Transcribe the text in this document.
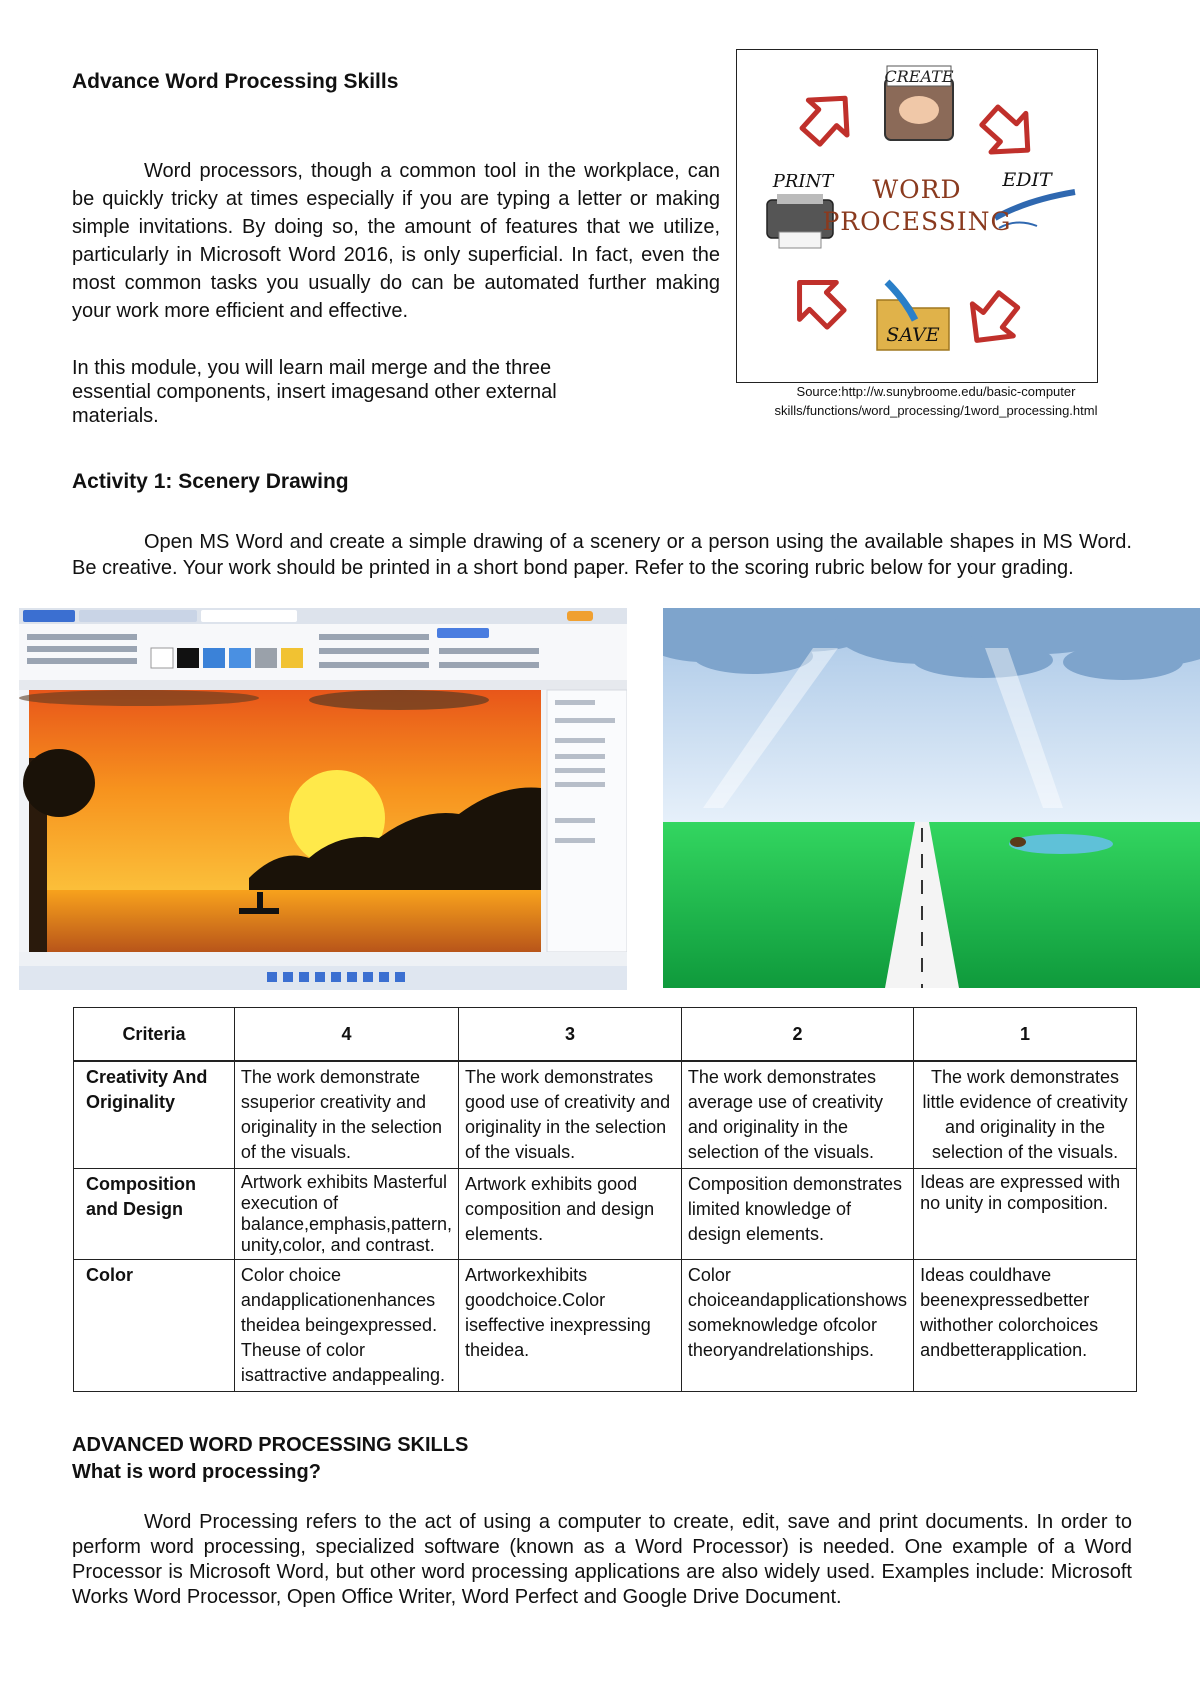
Advance Word Processing Skills
Word processors, though a common tool in the workplace, can be quickly tricky at times especially if you are typing a letter or making simple invitations. By doing so, the amount of features that we utilize, particularly in Microsoft Word 2016, is only superficial. In fact, even the most common tasks you usually do can be automated further making your work more efficient and effective.
In this module, you will learn mail merge and the three essential components, insert imagesand other external materials.
CREATE
EDIT
PRINT
SAVE
WORD
PROCESSING
Source:http://w.sunybroome.edu/basic-computer
skills/functions/word_processing/1word_processing.html
Activity 1: Scenery Drawing
Open MS Word and create a simple drawing of a scenery or a person using the available shapes in MS Word. Be creative. Your work should be printed in a short bond paper. Refer to the scoring rubric below for your grading.
Criteria	4	3	2	1
Creativity And Originality	The work demonstrate ssuperior creativity and originality in the selection of the visuals.	The work demonstrates good use of creativity and originality in the selection of the visuals.	The work demonstrates average use of creativity and originality in the selection of the visuals.	The work demonstrates little evidence of creativity and originality in the selection of the visuals.
Composition and Design	Artwork exhibits Masterful execution of balance,emphasis,pattern, unity,color, and contrast.	Artwork exhibits good composition and design elements.	Composition demonstrates limited knowledge of design elements.	Ideas are expressed with no unity in composition.
Color	Color choice andapplicationenhances theidea beingexpressed. Theuse of color isattractive andappealing.	Artworkexhibits goodchoice.Color iseffective inexpressing theidea.	Color choiceandapplicationshows someknowledge ofcolor theoryandrelationships.	Ideas couldhave beenexpressedbetter withother colorchoices andbetterapplication.
ADVANCED WORD PROCESSING SKILLS
What is word processing?
Word Processing refers to the act of using a computer to create, edit, save and print documents. In order to perform word processing, specialized software (known as a Word Processor) is needed. One example of a Word Processor is Microsoft Word, but other word processing applications are also widely used. Examples include: Microsoft Works Word Processor, Open Office Writer, Word Perfect and Google Drive Document.
